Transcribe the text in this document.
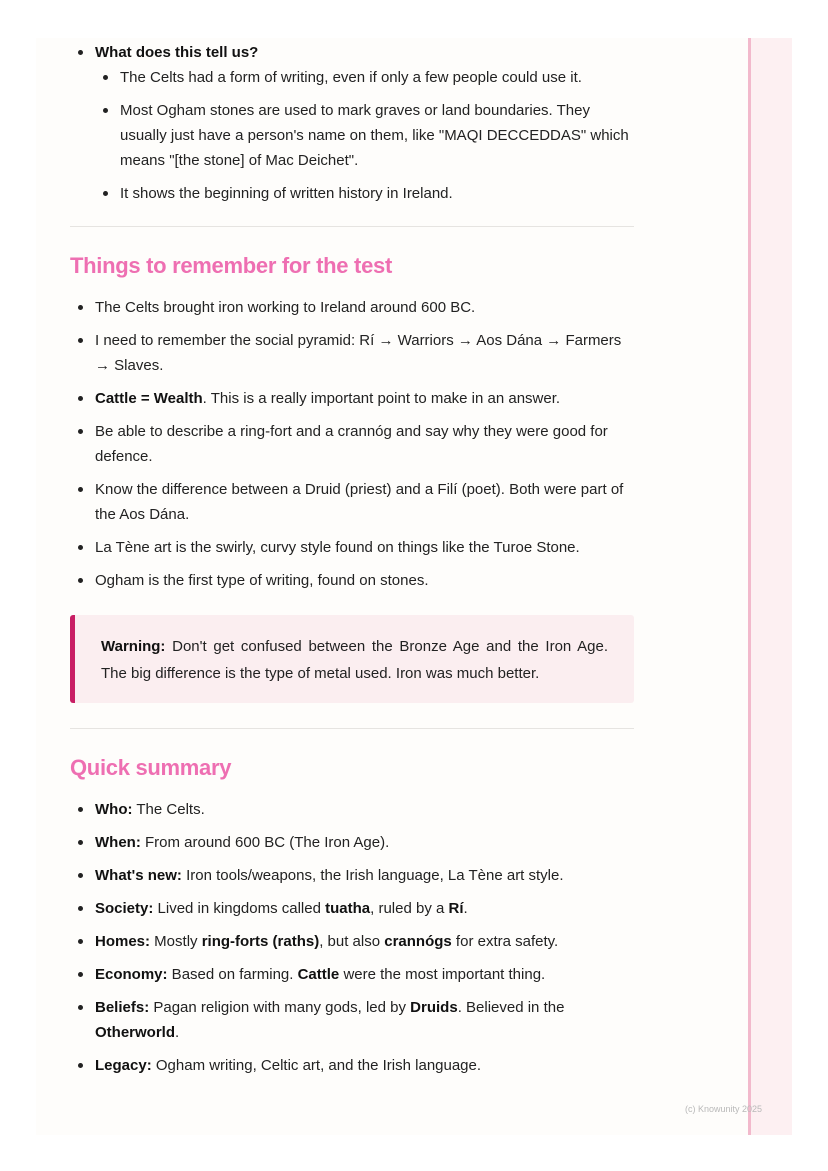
What does this tell us?
The Celts had a form of writing, even if only a few people could use it.
Most Ogham stones are used to mark graves or land boundaries. They usually just have a person's name on them, like "MAQI DECCEDDAS" which means "[the stone] of Mac Deichet".
It shows the beginning of written history in Ireland.
Things to remember for the test
The Celts brought iron working to Ireland around 600 BC.
I need to remember the social pyramid: Rí → Warriors → Aos Dána → Farmers → Slaves.
Cattle = Wealth. This is a really important point to make in an answer.
Be able to describe a ring-fort and a crannóg and say why they were good for defence.
Know the difference between a Druid (priest) and a Filí (poet). Both were part of the Aos Dána.
La Tène art is the swirly, curvy style found on things like the Turoe Stone.
Ogham is the first type of writing, found on stones.
Warning: Don't get confused between the Bronze Age and the Iron Age. The big difference is the type of metal used. Iron was much better.
Quick summary
Who: The Celts.
When: From around 600 BC (The Iron Age).
What's new: Iron tools/weapons, the Irish language, La Tène art style.
Society: Lived in kingdoms called tuatha, ruled by a Rí.
Homes: Mostly ring-forts (raths), but also crannógs for extra safety.
Economy: Based on farming. Cattle were the most important thing.
Beliefs: Pagan religion with many gods, led by Druids. Believed in the Otherworld.
Legacy: Ogham writing, Celtic art, and the Irish language.
(c) Knowunity 2025
